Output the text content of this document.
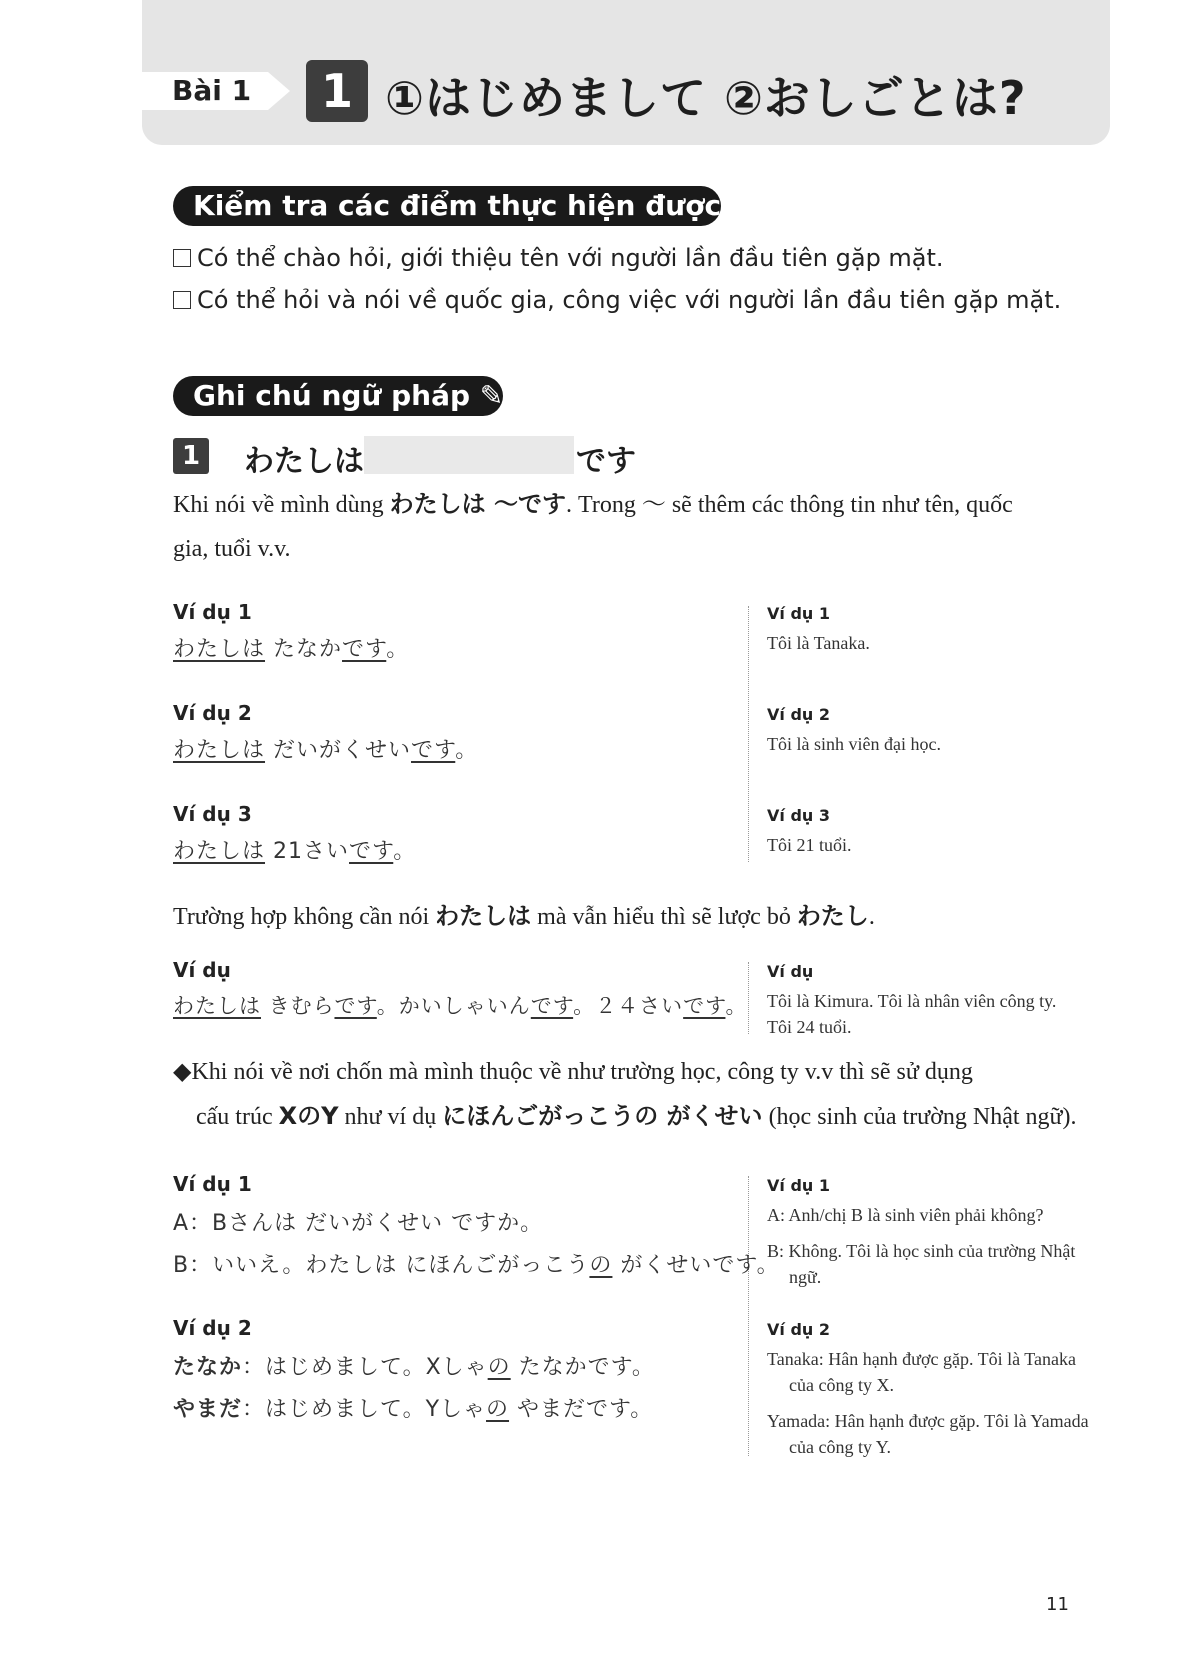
Bài 1	1 ①はじめまして ②おしごとは?
Kiểm tra các điểm thực hiện được ✓
Có thể chào hỏi, giới thiệu tên với người lần đầu tiên gặp mặt.
Có thể hỏi và nói về quốc gia, công việc với người lần đầu tiên gặp mặt.
Ghi chú ngữ pháp ✎
1 わたしは	です
Khi nói về mình dùng わたしは ～です. Trong ～ sẽ thêm các thông tin như tên, quốc gia, tuổi v.v.
Ví dụ 1
わたしは たなかです。
Ví dụ 1
Tôi là Tanaka.
Ví dụ 2
わたしは だいがくせいです。
Ví dụ 2
Tôi là sinh viên đại học.
Ví dụ 3
わたしは 21さいです。
Ví dụ 3
Tôi 21 tuổi.
Trường hợp không cần nói わたしは mà vẫn hiểu thì sẽ lược bỏ わたし.
Ví dụ
わたしは きむらです。かいしゃいんです。２４さいです。
Ví dụ
Tôi là Kimura. Tôi là nhân viên công ty. Tôi 24 tuổi.
◆Khi nói về nơi chốn mà mình thuộc về như trường học, công ty v.v thì sẽ sử dụng
cấu trúc XのY như ví dụ にほんごがっこうの がくせい (học sinh của trường Nhật ngữ).
Ví dụ 1
A：Bさんは だいがくせい ですか。
B：いいえ。わたしは にほんごがっこうの がくせいです。
Ví dụ 1
A: Anh/chị B là sinh viên phải không?
B: Không. Tôi là học sinh của trường Nhật ngữ.
Ví dụ 2
たなか：はじめまして。Xしゃの たなかです。
やまだ：はじめまして。Yしゃの やまだです。
Ví dụ 2
Tanaka: Hân hạnh được gặp. Tôi là Tanaka của công ty X.
Yamada: Hân hạnh được gặp. Tôi là Yamada của công ty Y.
11
